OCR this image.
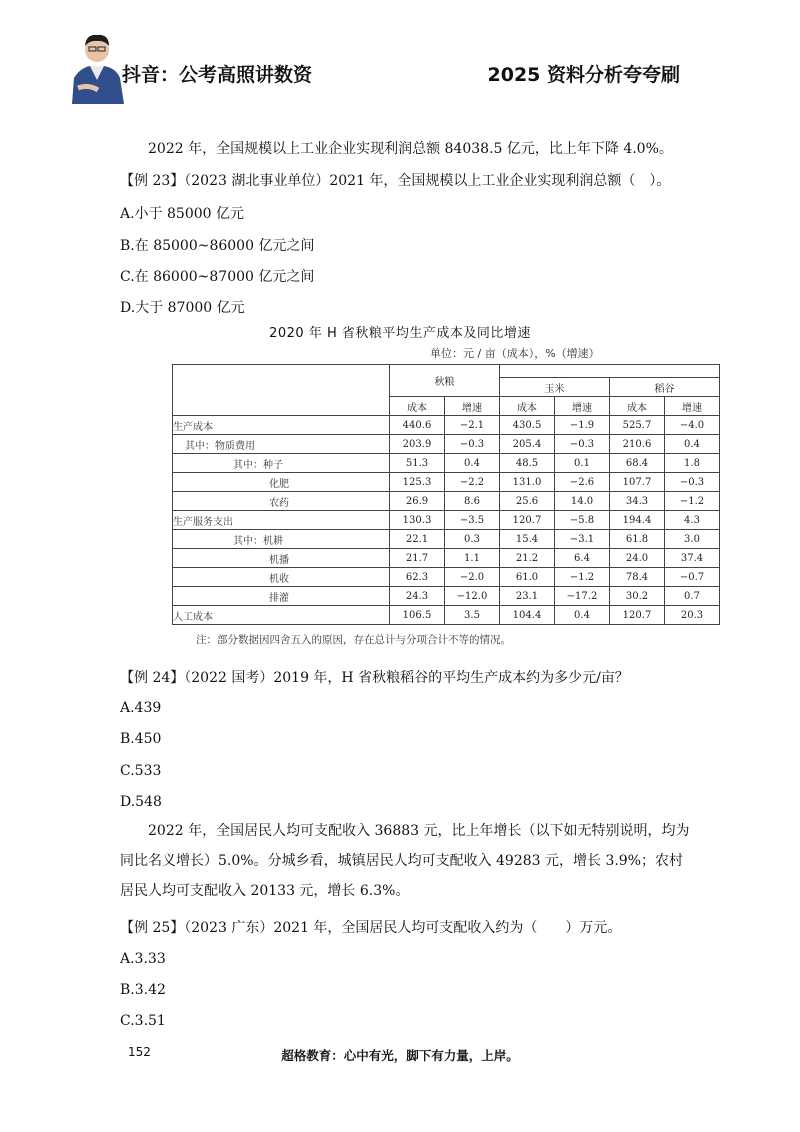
抖音：公考高照讲数资	2025 资料分析夸夸刷
2022 年，全国规模以上工业企业实现利润总额 84038.5 亿元，比上年下降 4.0%。
【例 23】（2023 湖北事业单位）2021 年，全国规模以上工业企业实现利润总额（　）。
A.小于 85000 亿元
B.在 85000~86000 亿元之间
C.在 86000~87000 亿元之间
D.大于 87000 亿元
2020 年 H 省秋粮平均生产成本及同比增速
单位：元 / 亩（成本），%（增速）
	秋粮					
			玉米		稻谷	
	成本	增速	成本	增速	成本	增速
生产成本	440.6	−2.1	430.5	−1.9	525.7	−4.0
其中：物质费用	203.9	−0.3	205.4	−0.3	210.6	0.4
其中：种子	51.3	0.4	48.5	0.1	68.4	1.8
化肥	125.3	−2.2	131.0	−2.6	107.7	−0.3
农药	26.9	8.6	25.6	14.0	34.3	−1.2
生产服务支出	130.3	−3.5	120.7	−5.8	194.4	4.3
其中：机耕	22.1	0.3	15.4	−3.1	61.8	3.0
机播	21.7	1.1	21.2	6.4	24.0	37.4
机收	62.3	−2.0	61.0	−1.2	78.4	−0.7
排灌	24.3	−12.0	23.1	−17.2	30.2	0.7
人工成本	106.5	3.5	104.4	0.4	120.7	20.3
注：部分数据因四舍五入的原因，存在总计与分项合计不等的情况。
【例 24】（2022 国考）2019 年，H 省秋粮稻谷的平均生产成本约为多少元/亩？
A.439
B.450
C.533
D.548
2022 年，全国居民人均可支配收入 36883 元，比上年增长（以下如无特别说明，均为同比名义增长）5.0%。分城乡看，城镇居民人均可支配收入 49283 元，增长 3.9%；农村居民人均可支配收入 20133 元，增长 6.3%。
【例 25】（2023 广东）2021 年，全国居民人均可支配收入约为（　　）万元。
A.3.33
B.3.42
C.3.51
152	超格教育：心中有光，脚下有力量，上岸。
